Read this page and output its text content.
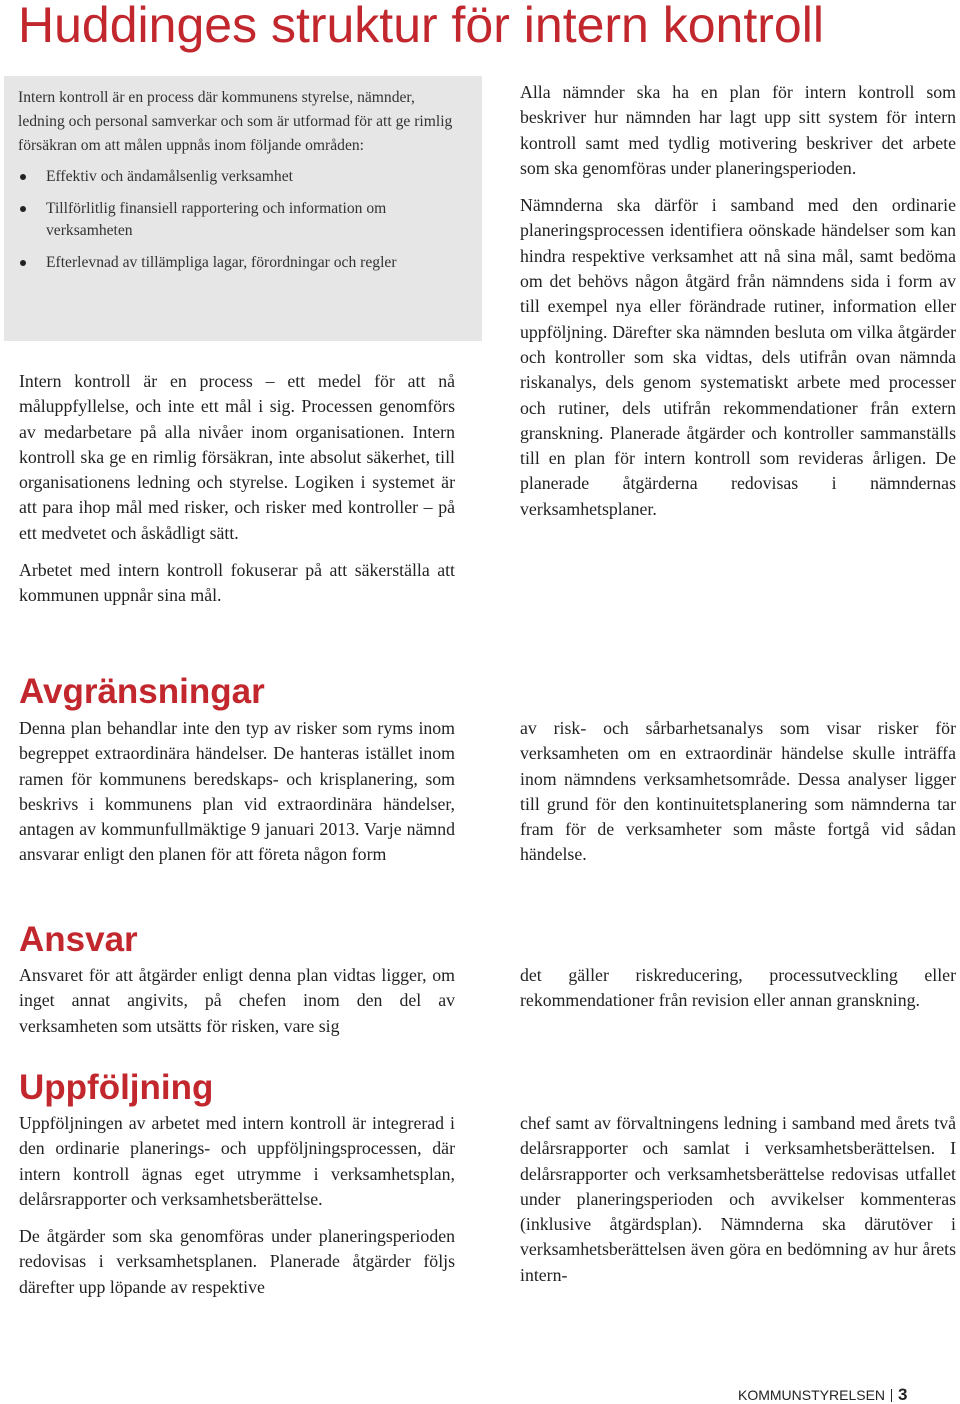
Huddinges struktur för intern kontroll

Intern kontroll är en process där kommunens styrelse, nämnder, ledning och personal samverkar och som är utformad för att ge rimlig försäkran om att målen uppnås inom följande områden:

Effektiv och ändamålsenlig verksamhet
Tillförlitlig finansiell rapportering och information om verksamheten
Efterlevnad av tillämpliga lagar, förordningar och regler

Intern kontroll är en process – ett medel för att nå måluppfyllelse, och inte ett mål i sig. Processen genomförs av medarbetare på alla nivåer inom organisationen. Intern kontroll ska ge en rimlig försäkran, inte absolut säkerhet, till organisationens ledning och styrelse. Logiken i systemet är att para ihop mål med risker, och risker med kontroller – på ett medvetet och åskådligt sätt.

Arbetet med intern kontroll fokuserar på att säkerställa att kommunen uppnår sina mål.

Alla nämnder ska ha en plan för intern kontroll som beskriver hur nämnden har lagt upp sitt system för intern kontroll samt med tydlig motivering beskriver det arbete som ska genomföras under planeringsperioden.

Nämnderna ska därför i samband med den ordinarie planeringsprocessen identifiera oönskade händelser som kan hindra respektive verksamhet att nå sina mål, samt bedöma om det behövs någon åtgärd från nämndens sida i form av till exempel nya eller förändrade rutiner, information eller uppföljning. Därefter ska nämnden besluta om vilka åtgärder och kontroller som ska vidtas, dels utifrån ovan nämnda riskanalys, dels genom systematiskt arbete med processer och rutiner, dels utifrån rekommendationer från extern granskning. Planerade åtgärder och kontroller sammanställs till en plan för intern kontroll som revideras årligen. De planerade åtgärderna redovisas i nämndernas verksamhetsplaner.

Avgränsningar

Denna plan behandlar inte den typ av risker som ryms inom begreppet extraordinära händelser. De hanteras istället inom ramen för kommunens beredskaps- och krisplanering, som beskrivs i kommunens plan vid extraordinära händelser, antagen av kommunfullmäktige 9 januari 2013. Varje nämnd ansvarar enligt den planen för att företa någon form

av risk- och sårbarhetsanalys som visar risker för verksamheten om en extraordinär händelse skulle inträffa inom nämndens verksamhetsområde. Dessa analyser ligger till grund för den kontinuitetsplanering som nämnderna tar fram för de verksamheter som måste fortgå vid sådan händelse.

Ansvar

Ansvaret för att åtgärder enligt denna plan vidtas ligger, om inget annat angivits, på chefen inom den del av verksamheten som utsätts för risken, vare sig

det gäller riskreducering, processutveckling eller rekommendationer från revision eller annan granskning.

Uppföljning

Uppföljningen av arbetet med intern kontroll är integrerad i den ordinarie planerings- och uppföljningsprocessen, där intern kontroll ägnas eget utrymme i verksamhetsplan, delårsrapporter och verksamhetsberättelse.

De åtgärder som ska genomföras under planeringsperioden redovisas i verksamhetsplanen. Planerade åtgärder följs därefter upp löpande av respektive

chef samt av förvaltningens ledning i samband med årets två delårsrapporter och samlat i verksamhetsberättelsen. I delårsrapporter och verksamhetsberättelse redovisas utfallet under planeringsperioden och avvikelser kommenteras (inklusive åtgärdsplan). Nämnderna ska därutöver i verksamhetsberättelsen även göra en bedömning av hur årets intern-

KOMMUNSTYRELSEN 3
